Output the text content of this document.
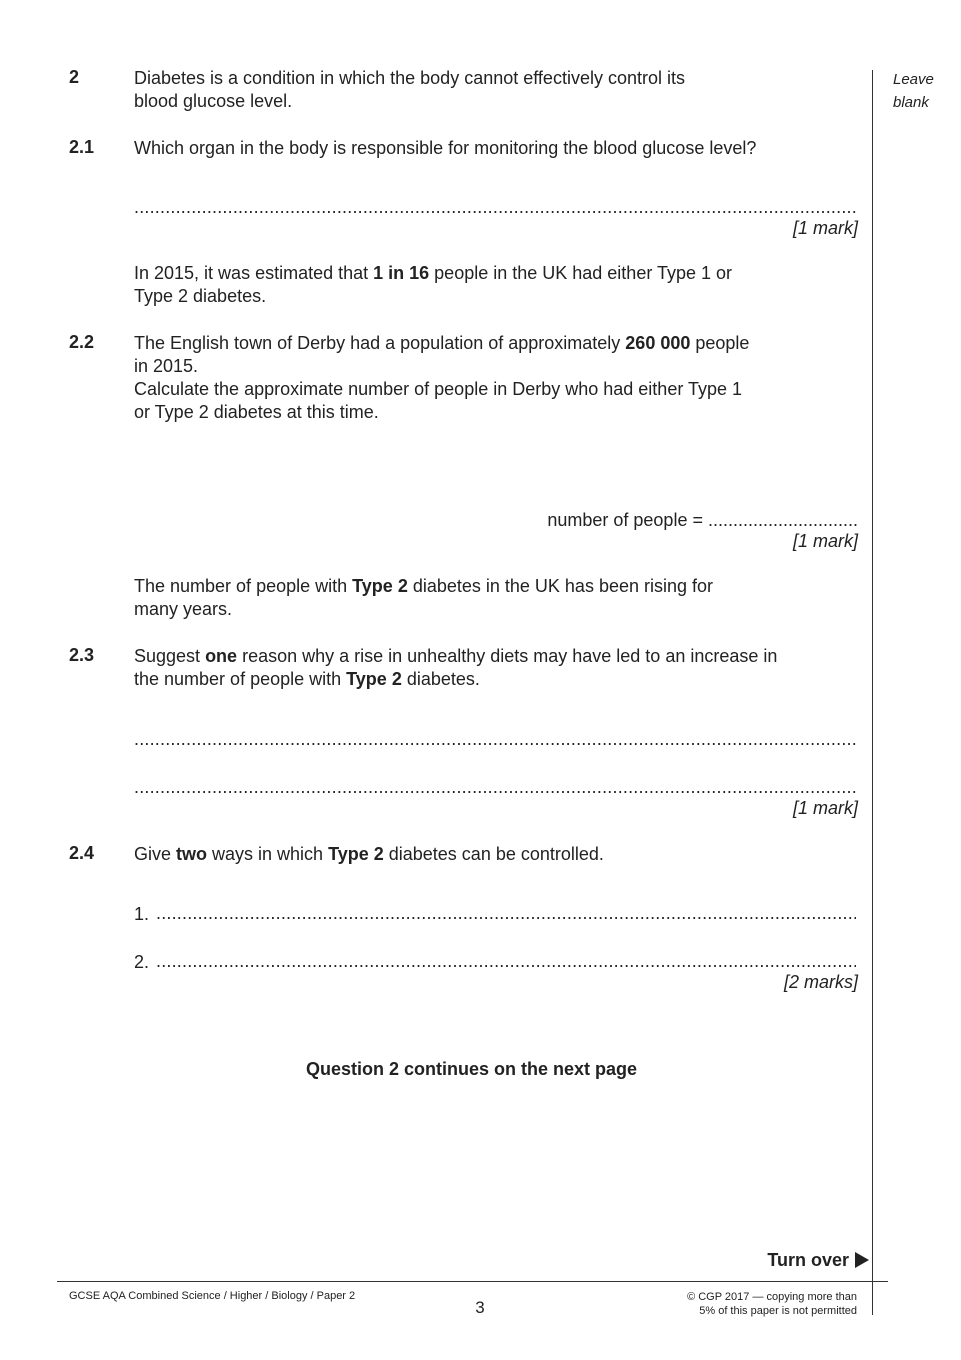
Leave
blank
2	Diabetes is a condition in which the body cannot effectively control its
blood glucose level.
2.1 Which organ in the body is responsible for monitoring the blood glucose level?
.....
[1 mark]
In 2015, it was estimated that 1 in 16 people in the UK had either Type 1 or
Type 2 diabetes.
2.2 The English town of Derby had a population of approximately 260 000 people
in 2015.
Calculate the approximate number of people in Derby who had either Type 1
or Type 2 diabetes at this time.
number of people = ..............................
[1 mark]
The number of people with Type 2 diabetes in the UK has been rising for
many years.
2.3 Suggest one reason why a rise in unhealthy diets may have led to an increase in
the number of people with Type 2 diabetes.
.....
.....
[1 mark]
2.4 Give two ways in which Type 2 diabetes can be controlled.
1.
.....
2.
.....
[2 marks]
Question 2 continues on the next page
Turn over
GCSE AQA Combined Science / Higher / Biology / Paper 2
3
© CGP 2017 — copying more than
5% of this paper is not permitted
